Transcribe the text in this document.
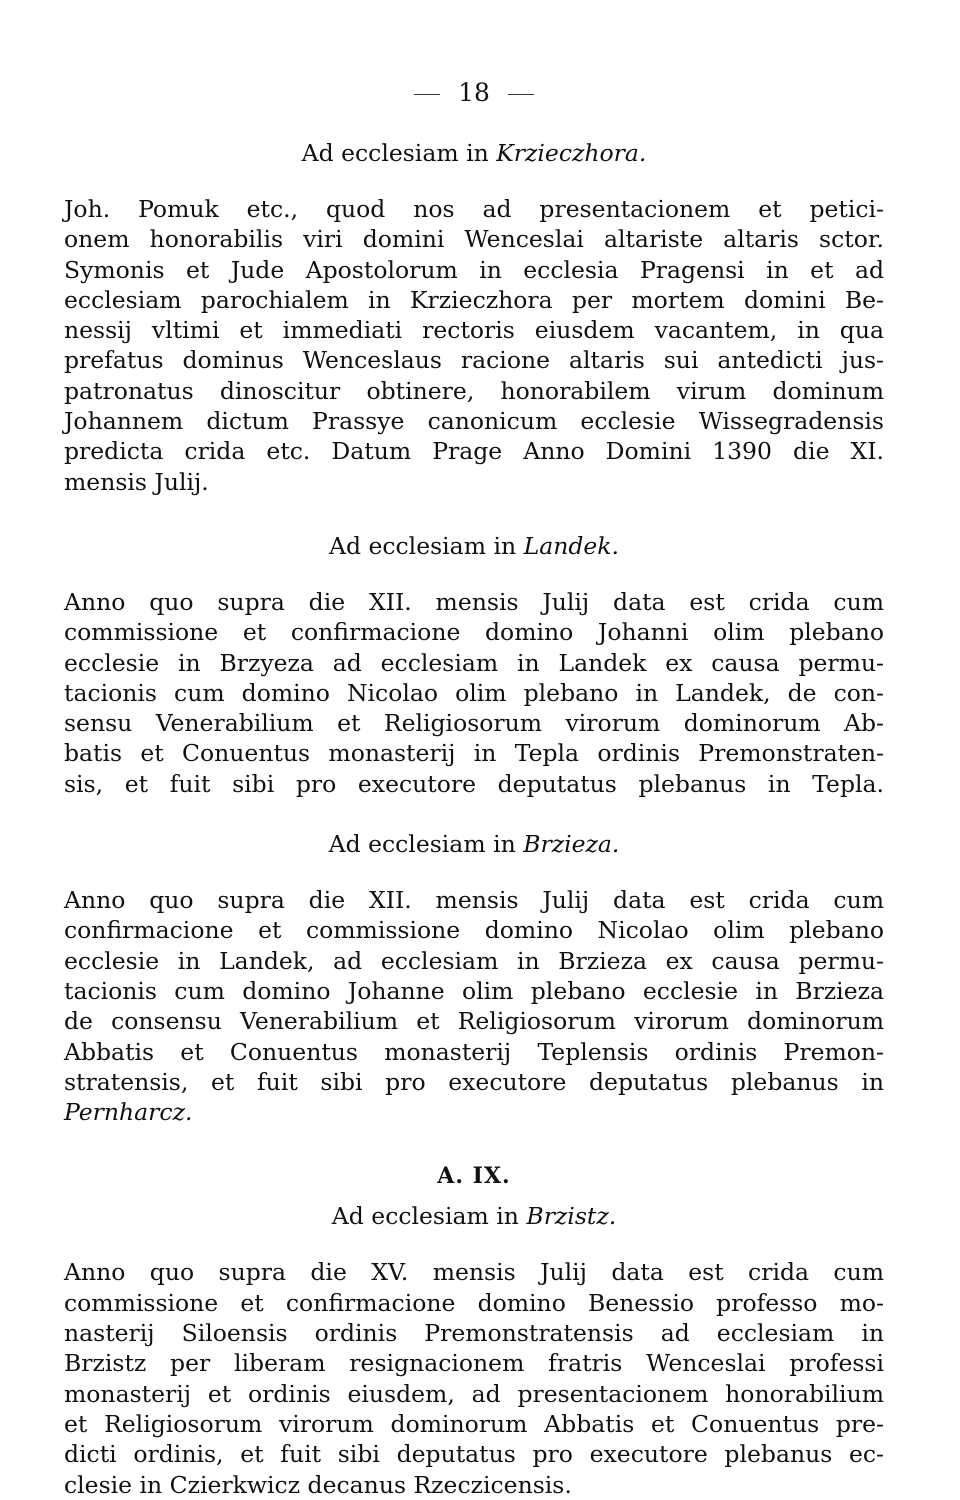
18
Ad ecclesiam in Krzieczhora.
Joh. Pomuk etc., quod nos ad presentacionem et petici-
onem honorabilis viri domini Wenceslai altariste altaris sctor.
Symonis et Jude Apostolorum in ecclesia Pragensi in et ad
ecclesiam parochialem in Krzieczhora per mortem domini Be-
nessij vltimi et immediati rectoris eiusdem vacantem, in qua
prefatus dominus Wenceslaus racione altaris sui antedicti jus-
patronatus dinoscitur obtinere, honorabilem virum dominum
Johannem dictum Prassye canonicum ecclesie Wissegradensis
predicta crida etc. Datum Prage Anno Domini 1390 die XI.
mensis Julij.
Ad ecclesiam in Landek.
Anno quo supra die XII. mensis Julij data est crida cum
commissione et confirmacione domino Johanni olim plebano
ecclesie in Brzyeza ad ecclesiam in Landek ex causa permu-
tacionis cum domino Nicolao olim plebano in Landek, de con-
sensu Venerabilium et Religiosorum virorum dominorum Ab-
batis et Conuentus monasterij in Tepla ordinis Premonstraten-
sis, et fuit sibi pro executore deputatus plebanus in Tepla.
Ad ecclesiam in Brzieza.
Anno quo supra die XII. mensis Julij data est crida cum
confirmacione et commissione domino Nicolao olim plebano
ecclesie in Landek, ad ecclesiam in Brzieza ex causa permu-
tacionis cum domino Johanne olim plebano ecclesie in Brzieza
de consensu Venerabilium et Religiosorum virorum dominorum
Abbatis et Conuentus monasterij Teplensis ordinis Premon-
stratensis, et fuit sibi pro executore deputatus plebanus in
Pernharcz.
A. IX.
Ad ecclesiam in Brzistz.
Anno quo supra die XV. mensis Julij data est crida cum
commissione et confirmacione domino Benessio professo mo-
nasterij Siloensis ordinis Premonstratensis ad ecclesiam in
Brzistz per liberam resignacionem fratris Wenceslai professi
monasterij et ordinis eiusdem, ad presentacionem honorabilium
et Religiosorum virorum dominorum Abbatis et Conuentus pre-
dicti ordinis, et fuit sibi deputatus pro executore plebanus ec-
clesie in Czierkwicz decanus Rzeczicensis.
